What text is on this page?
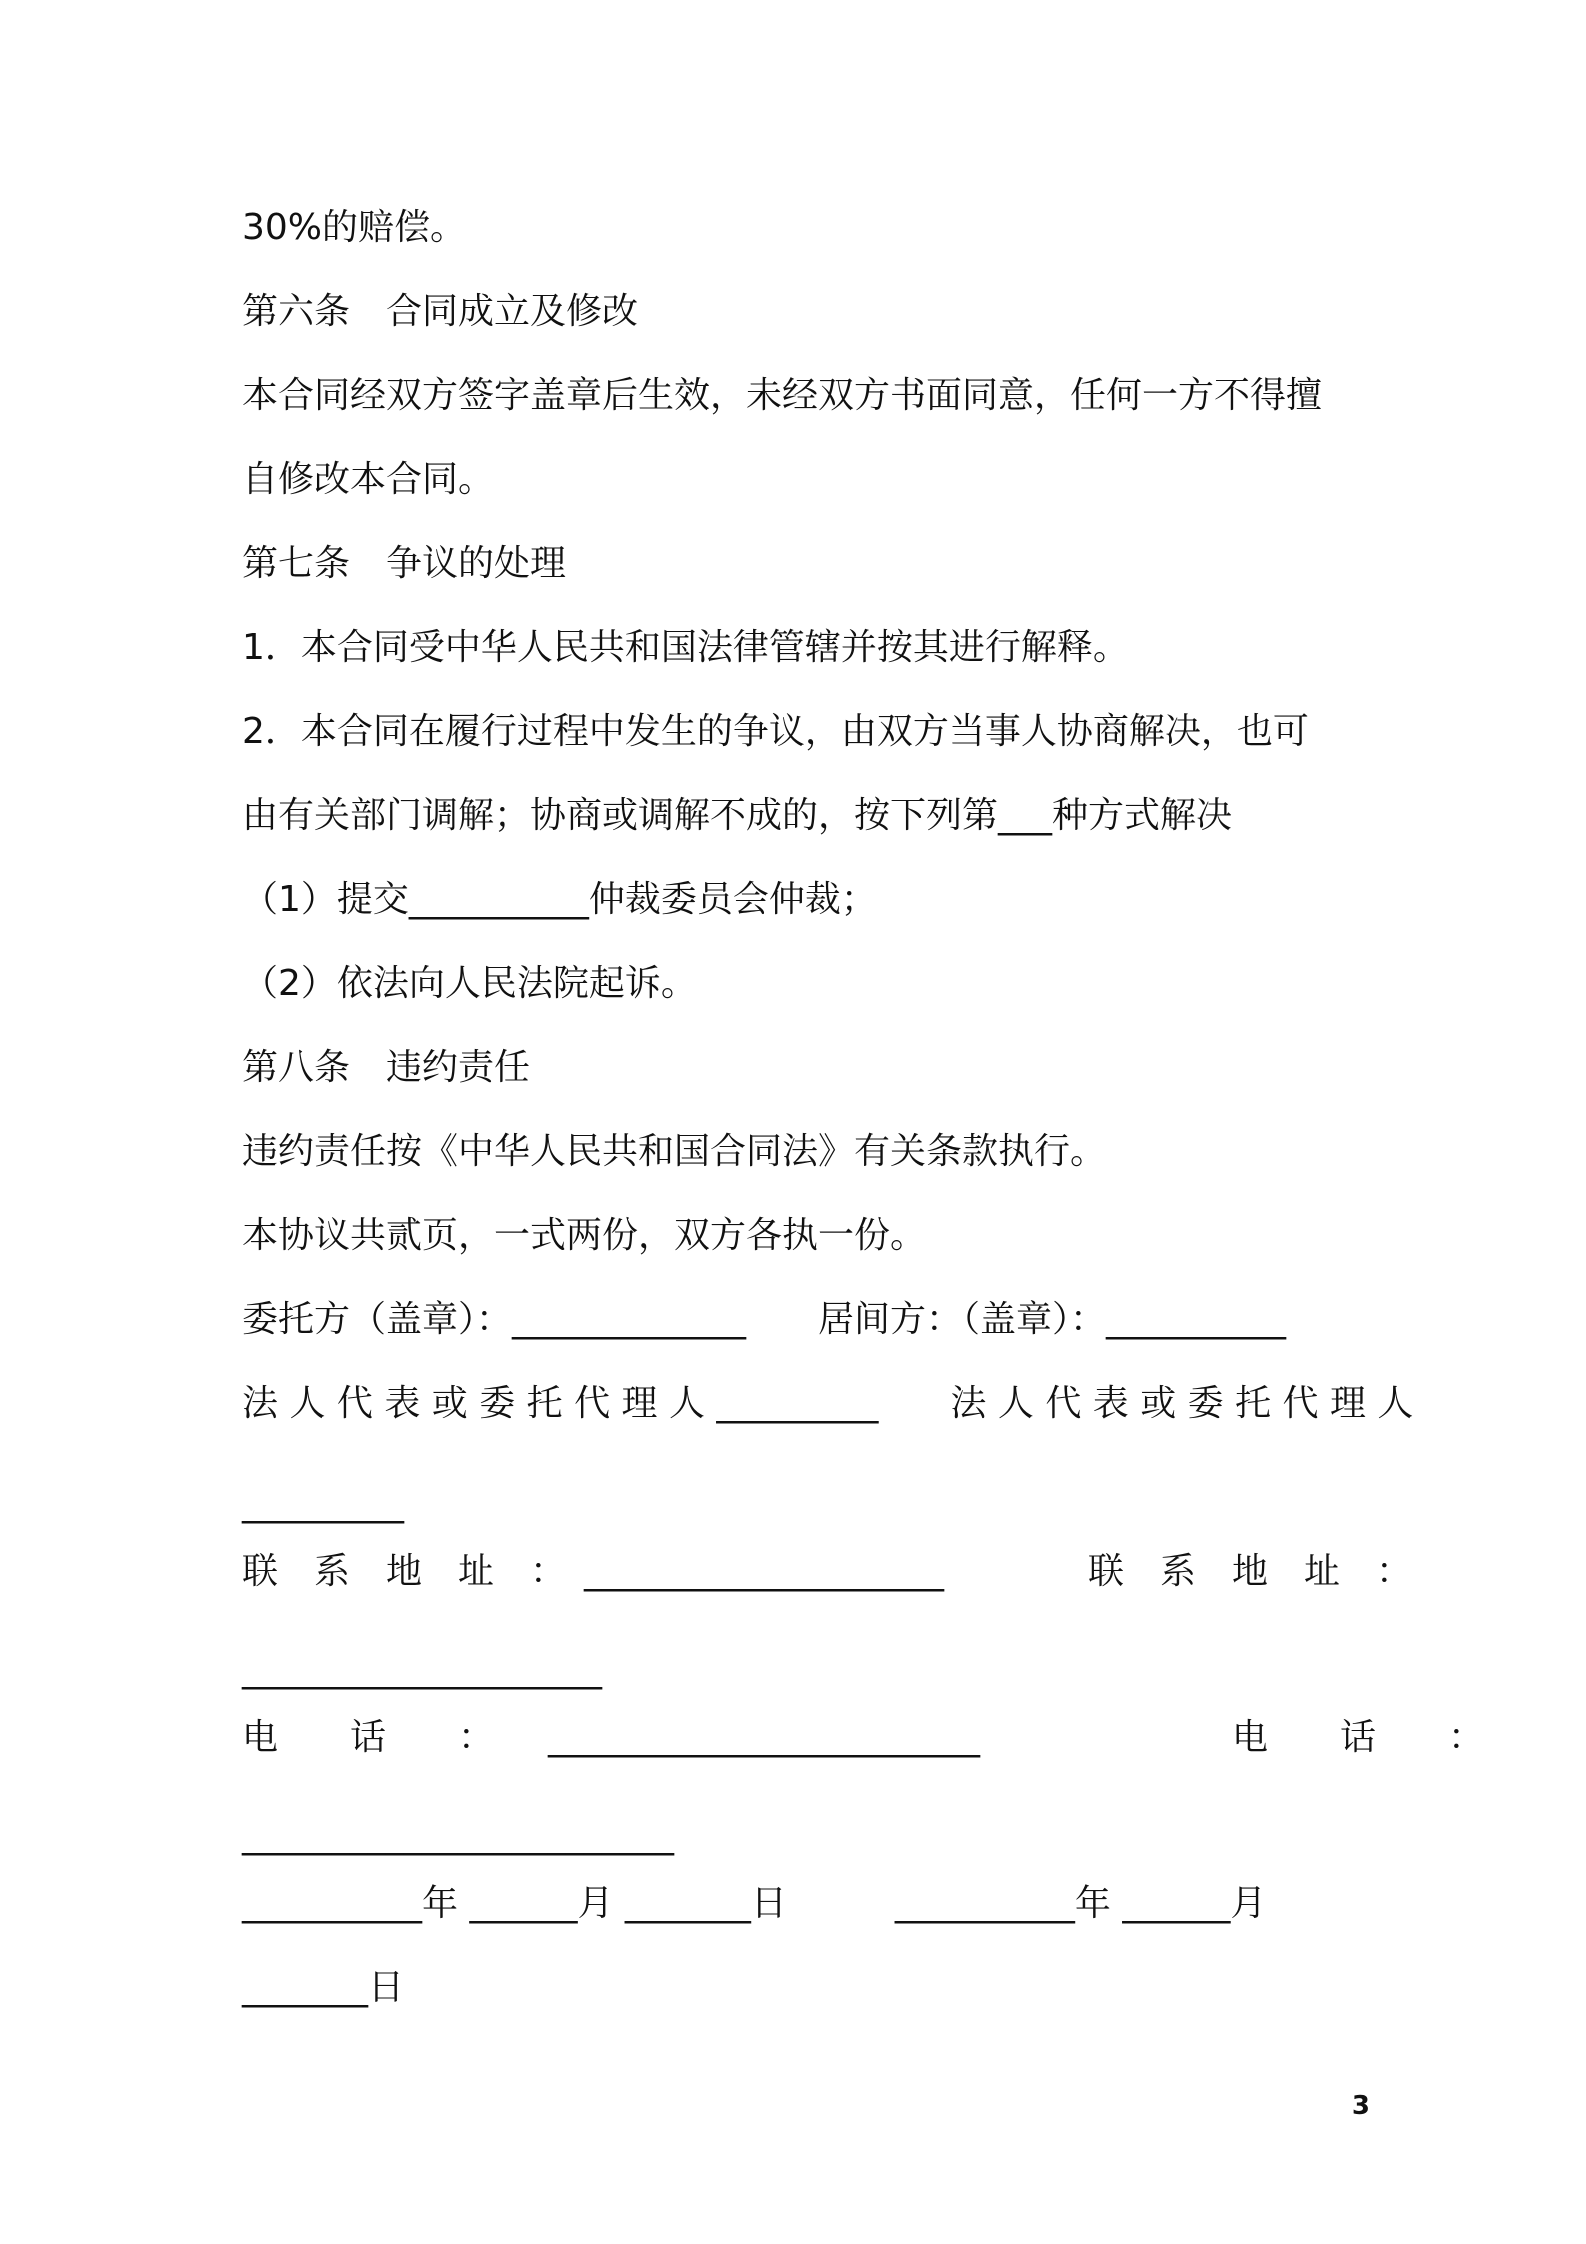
30%的赔偿。
第六条　合同成立及修改
本合同经双方签字盖章后生效，未经双方书面同意，任何一方不得擅
自修改本合同。
第七条　争议的处理
1．本合同受中华人民共和国法律管辖并按其进行解释。
2．本合同在履行过程中发生的争议，由双方当事人协商解决，也可
由有关部门调解；协商或调解不成的，按下列第___种方式解决
（1）提交__________仲裁委员会仲裁；
（2）依法向人民法院起诉。
第八条　违约责任
违约责任按《中华人民共和国合同法》有关条款执行。
本协议共贰页，一式两份，双方各执一份。
委托方（盖章）：_____________　　居间方：（盖章）：__________
法 人 代 表 或 委 托 代 理 人 _________　　法 人 代 表 或 委 托 代 理 人
_________
联　系　地　址　：　____________________　　　　联　系　地　址　：
____________________
电　　话　　：　　________________________　　　　　　　电　　话　　：
________________________
__________年 ______月 _______日　　　__________年 ______月
_______日
3
